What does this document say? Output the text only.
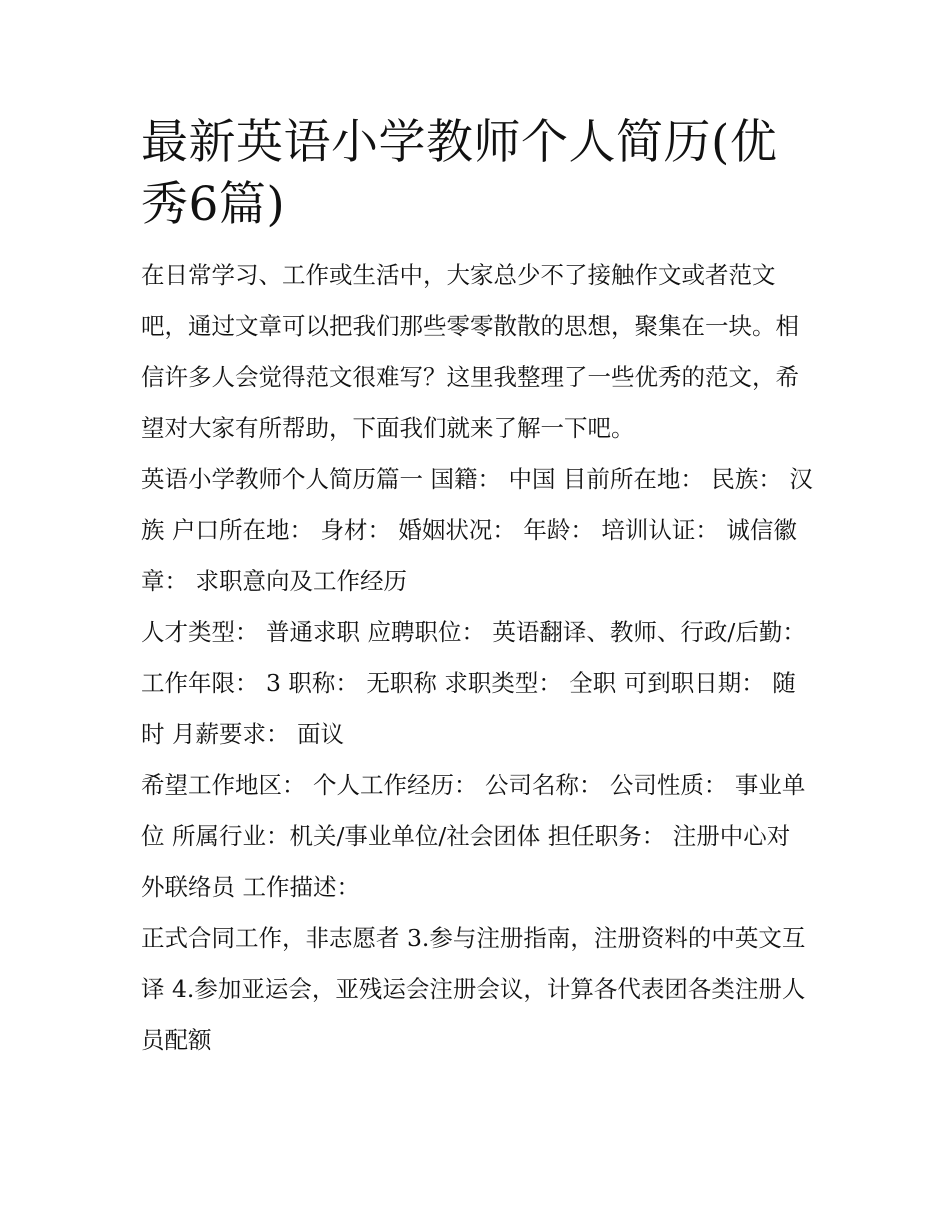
最新英语小学教师个人简历(优秀6篇)

在日常学习、工作或生活中，大家总少不了接触作文或者范文吧，通过文章可以把我们那些零零散散的思想，聚集在一块。相信许多人会觉得范文很难写？这里我整理了一些优秀的范文，希望对大家有所帮助，下面我们就来了解一下吧。

英语小学教师个人简历篇一 国籍： 中国 目前所在地： 民族： 汉族 户口所在地： 身材： 婚姻状况： 年龄： 培训认证： 诚信徽章： 求职意向及工作经历

人才类型： 普通求职 应聘职位： 英语翻译、教师、行政/后勤： 工作年限： 3 职称： 无职称 求职类型： 全职 可到职日期： 随时 月薪要求： 面议

希望工作地区： 个人工作经历： 公司名称： 公司性质： 事业单位 所属行业：机关/事业单位/社会团体 担任职务： 注册中心对外联络员 工作描述：

正式合同工作，非志愿者 3.参与注册指南，注册资料的中英文互译 4.参加亚运会，亚残运会注册会议，计算各代表团各类注册人员配额
